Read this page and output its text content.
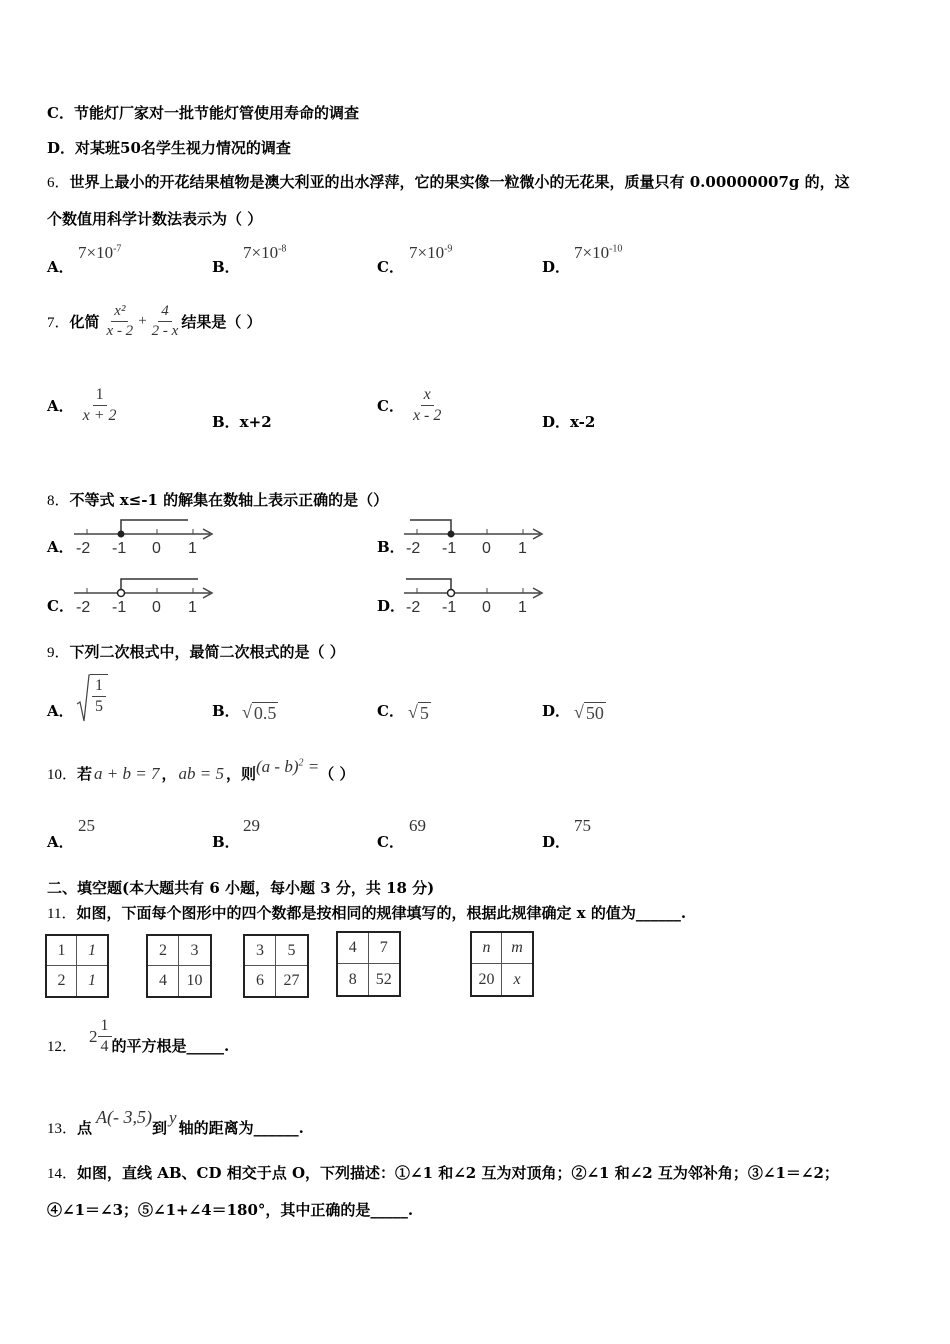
C．节能灯厂家对一批节能灯管使用寿命的调查
D．对某班50名学生视力情况的调查
6．世界上最小的开花结果植物是澳大利亚的出水浮萍，它的果实像一粒微小的无花果，质量只有 0.00000007g 的，这
个数值用科学计数法表示为（ ）
A．
$7\times 10^{-7}$
B．
$7\times 10^{-8}$
C．
$7\times 10^{-9}$
D．
$7\times 10^{-10}$
7． 化简 $\frac{\text{x²}}{x - 2} + \frac{4}{2 - x}$ 结果是（ ）
A． $\frac{1}{x + 2}$	B．x+2
C． $\frac{x}{x - 2}$	D．x-2
8．不等式 x≤-1 的解集在数轴上表示正确的是（）
A． -2 -1 0 1	B． -2 -1 0 1
C． -2 -1 0 1	D． -2 -1 0 1
9．下列二次根式中，最简二次根式的是（ ）
A． $\frac{1}{5}$	B． √ 0.5	C． √ 5	D． √ 50
10． 若 a + b = 7 ， ab = 5 ，则 (a - b)$^2$ = （ ）
A．
25
B．
29
C．
69
D．
75
二、填空题(本大题共有 6 小题，每小题 3 分，共 18 分)
11．如图，下面每个图形中的四个数都是按相同的规律填写的，根据此规律确定 x 的值为______.
1	1
2	1
2	3
4	10
3	5
6	27
4	7
8	52
n	m
20	x
12．
$2 \frac{1}{4}$ 的平方根是_____.
13． 点
A(- 3,5)
到
y
轴的距离为______.
14．如图，直线 AB、CD 相交于点 O，下列描述：①∠1 和∠2 互为对顶角；②∠1 和∠2 互为邻补角；③∠1＝∠2；
④∠1＝∠3；⑤∠1+∠4＝180°，其中正确的是_____.
